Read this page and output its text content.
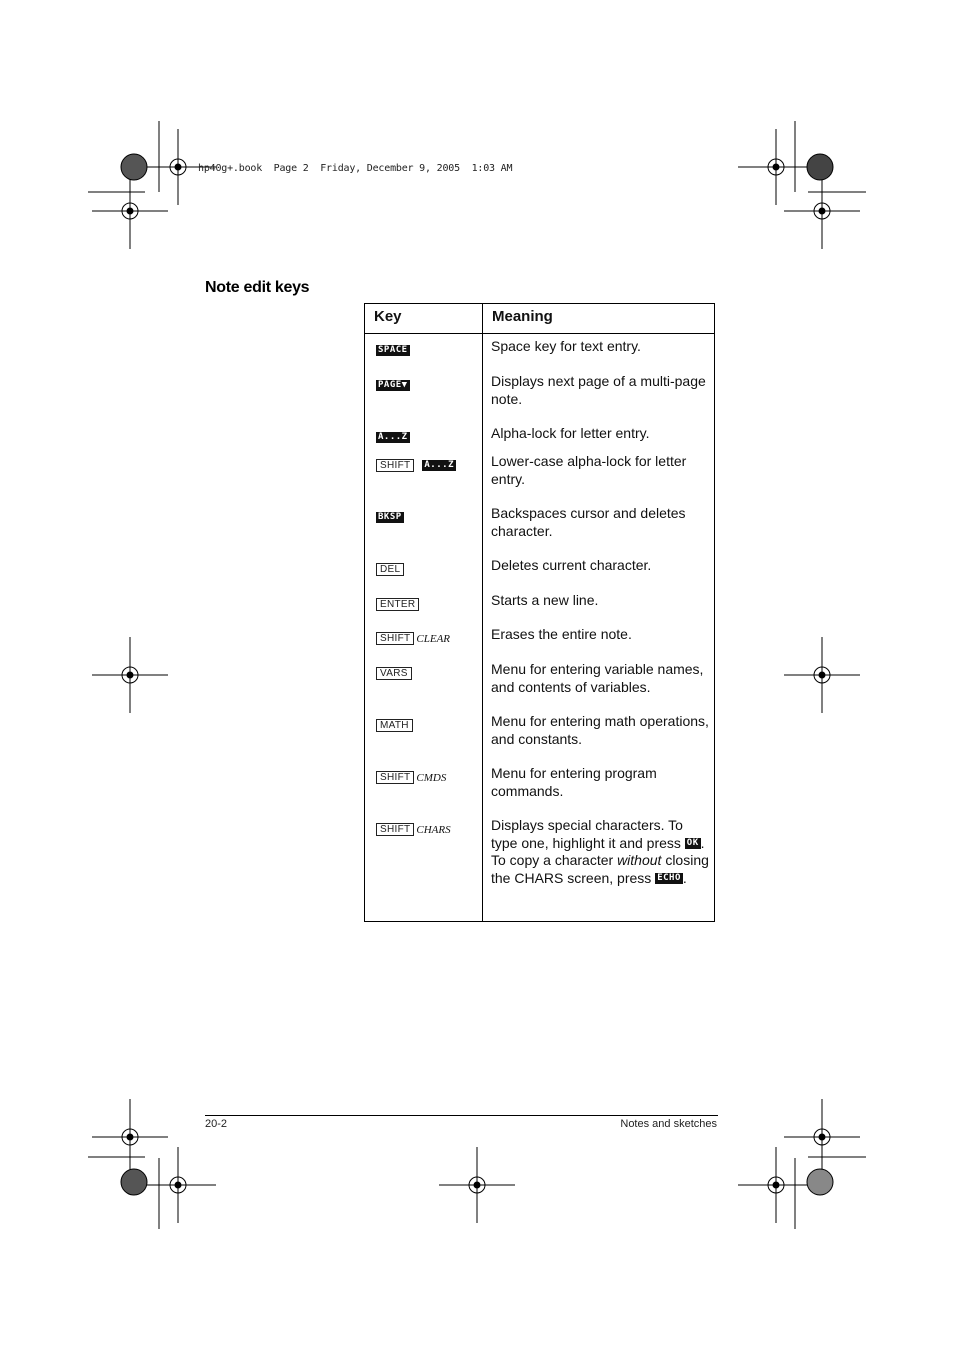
hp40g+.book  Page 2  Friday, December 9, 2005  1:03 AM
Note edit keys
Key	Meaning
SPACE	Space key for text entry.
PAGE▼	Displays next page of a multi-page note.
A...Z	Alpha-lock for letter entry.
SHIFT A...Z	Lower-case alpha-lock for letter entry.
BKSP	Backspaces cursor and deletes character.
DEL	Deletes current character.
ENTER	Starts a new line.
SHIFT CLEAR	Erases the entire note.
VARS	Menu for entering variable names, and contents of variables.
MATH	Menu for entering math operations, and constants.
SHIFT CMDS	Menu for entering program commands.
SHIFT CHARS	Displays special characters. To type one, highlight it and press OK . To copy a character without closing the CHARS screen, press ECHO .
20-2	Notes and sketches
